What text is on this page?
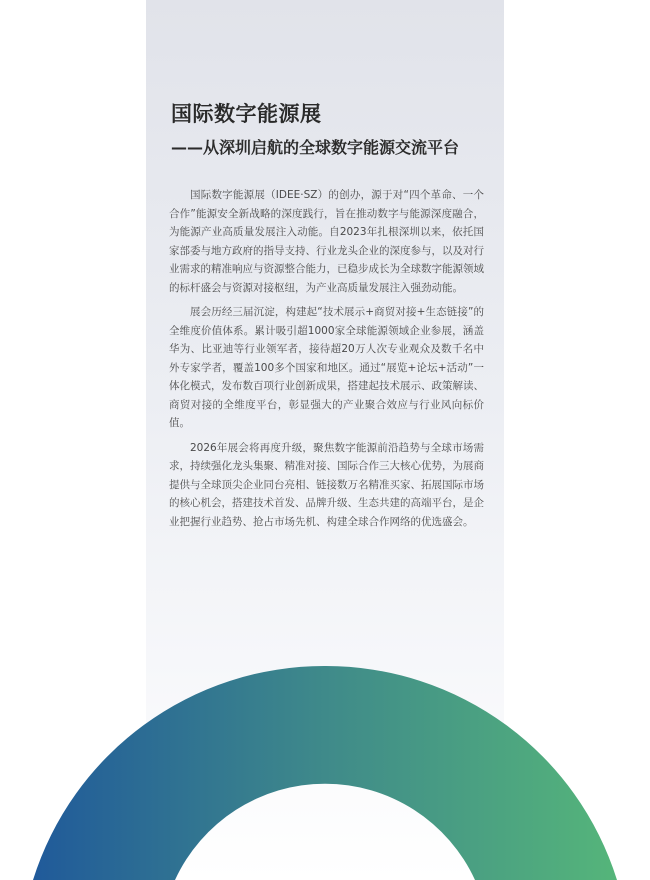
国际数字能源展
——从深圳启航的全球数字能源交流平台

国际数字能源展（IDEE·SZ）的创办，源于对“四个革命、一个合作”能源安全新战略的深度践行，旨在推动数字与能源深度融合，为能源产业高质量发展注入动能。自2023年扎根深圳以来，依托国家部委与地方政府的指导支持、行业龙头企业的深度参与，以及对行业需求的精准响应与资源整合能力，已稳步成长为全球数字能源领域的标杆盛会与资源对接枢纽，为产业高质量发展注入强劲动能。

展会历经三届沉淀，构建起“技术展示+商贸对接+生态链接”的全维度价值体系。累计吸引超1000家全球能源领域企业参展，涵盖华为、比亚迪等行业领军者，接待超20万人次专业观众及数千名中外专家学者，覆盖100多个国家和地区。通过“展览+论坛+活动”一体化模式，发布数百项行业创新成果，搭建起技术展示、政策解读、商贸对接的全维度平台，彰显强大的产业聚合效应与行业风向标价值。

2026年展会将再度升级，聚焦数字能源前沿趋势与全球市场需求，持续强化龙头集聚、精准对接、国际合作三大核心优势，为展商提供与全球顶尖企业同台亮相、链接数万名精准买家、拓展国际市场的核心机会，搭建技术首发、品牌升级、生态共建的高端平台，是企业把握行业趋势、抢占市场先机、构建全球合作网络的优选盛会。
